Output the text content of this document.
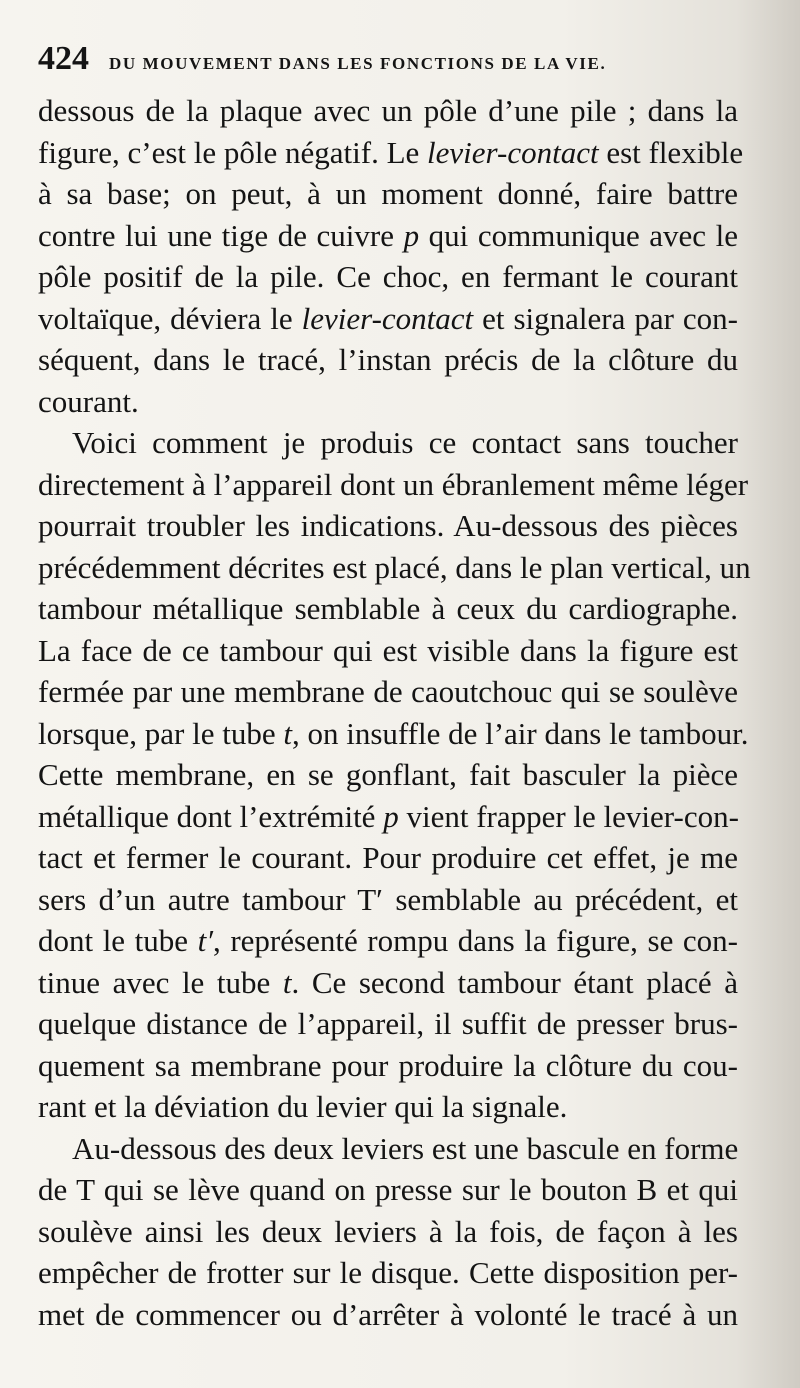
424 DU MOUVEMENT DANS LES FONCTIONS DE LA VIE.
dessous de la plaque avec un pôle d’une pile ; dans la
figure, c’est le pôle négatif. Le levier-contact est flexible
à sa base; on peut, à un moment donné, faire battre
contre lui une tige de cuivre p qui communique avec le
pôle positif de la pile. Ce choc, en fermant le courant
voltaïque, déviera le levier-contact et signalera par con-
séquent, dans le tracé, l’instan précis de la clôture du
courant.
Voici comment je produis ce contact sans toucher
directement à l’appareil dont un ébranlement même léger
pourrait troubler les indications. Au-dessous des pièces
précédemment décrites est placé, dans le plan vertical, un
tambour métallique semblable à ceux du cardiographe.
La face de ce tambour qui est visible dans la figure est
fermée par une membrane de caoutchouc qui se soulève
lorsque, par le tube t, on insuffle de l’air dans le tambour.
Cette membrane, en se gonflant, fait basculer la pièce
métallique dont l’extrémité p vient frapper le levier-con-
tact et fermer le courant. Pour produire cet effet, je me
sers d’un autre tambour T′ semblable au précédent, et
dont le tube t′, représenté rompu dans la figure, se con-
tinue avec le tube t. Ce second tambour étant placé à
quelque distance de l’appareil, il suffit de presser brus-
quement sa membrane pour produire la clôture du cou-
rant et la déviation du levier qui la signale.
Au-dessous des deux leviers est une bascule en forme
de T qui se lève quand on presse sur le bouton B et qui
soulève ainsi les deux leviers à la fois, de façon à les
empêcher de frotter sur le disque. Cette disposition per-
met de commencer ou d’arrêter à volonté le tracé à un
